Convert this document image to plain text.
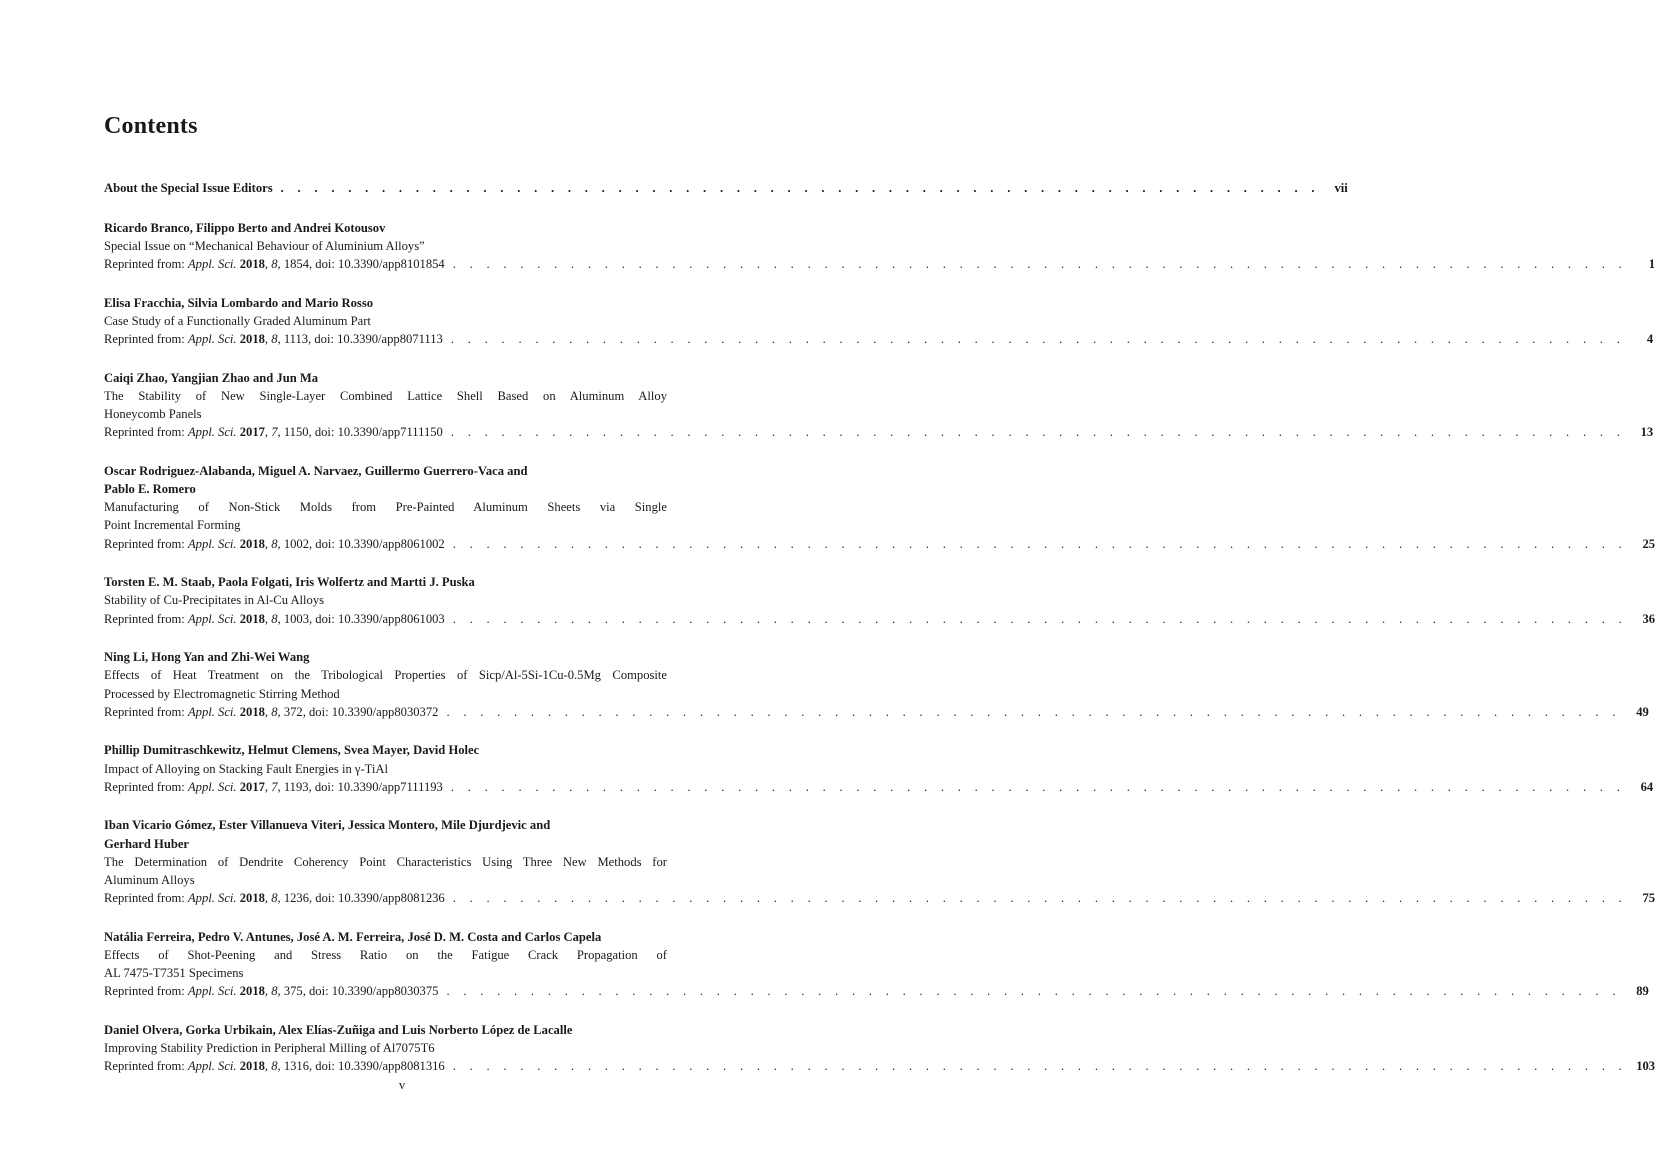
Contents
About the Special Issue Editors . . . . . . . . . . . . . . . . . . . . . . . . . . . . . . . . . . . . . . . . . . . . . . . . . . . . . . . . . . . . . .	vii
Ricardo Branco, Filippo Berto and Andrei Kotousov
Special Issue on “Mechanical Behaviour of Aluminium Alloys”
Reprinted from: Appl. Sci. 2018, 8, 1854, doi: 10.3390/app8101854 . . . . . . . . . . . . . . . . . . . . . . . . . . . . . . . . . . . . . . . . . . . . . . . . . . . . . . . . . . . . . . . . . . . . . .	1
Elisa Fracchia, Silvia Lombardo and Mario Rosso
Case Study of a Functionally Graded Aluminum Part
Reprinted from: Appl. Sci. 2018, 8, 1113, doi: 10.3390/app8071113 . . . . . . . . . . . . . . . . . . . . . . . . . . . . . . . . . . . . . . . . . . . . . . . . . . . . . . . . . . . . . . . . . . . . . .	4
Caiqi Zhao, Yangjian Zhao and Jun Ma
The Stability of New Single-Layer Combined Lattice Shell Based on Aluminum Alloy
Honeycomb Panels
Reprinted from: Appl. Sci. 2017, 7, 1150, doi: 10.3390/app7111150 . . . . . . . . . . . . . . . . . . . . . . . . . . . . . . . . . . . . . . . . . . . . . . . . . . . . . . . . . . . . . . . . . . . . . .	13
Oscar Rodriguez-Alabanda, Miguel A. Narvaez, Guillermo Guerrero-Vaca and
Pablo E. Romero
Manufacturing of Non-Stick Molds from Pre-Painted Aluminum Sheets via Single
Point Incremental Forming
Reprinted from: Appl. Sci. 2018, 8, 1002, doi: 10.3390/app8061002 . . . . . . . . . . . . . . . . . . . . . . . . . . . . . . . . . . . . . . . . . . . . . . . . . . . . . . . . . . . . . . . . . . . . . .	25
Torsten E. M. Staab, Paola Folgati, Iris Wolfertz and Martti J. Puska
Stability of Cu-Precipitates in Al-Cu Alloys
Reprinted from: Appl. Sci. 2018, 8, 1003, doi: 10.3390/app8061003 . . . . . . . . . . . . . . . . . . . . . . . . . . . . . . . . . . . . . . . . . . . . . . . . . . . . . . . . . . . . . . . . . . . . . .	36
Ning Li, Hong Yan and Zhi-Wei Wang
Effects of Heat Treatment on the Tribological Properties of Sicp/Al-5Si-1Cu-0.5Mg Composite
Processed by Electromagnetic Stirring Method
Reprinted from: Appl. Sci. 2018, 8, 372, doi: 10.3390/app8030372 . . . . . . . . . . . . . . . . . . . . . . . . . . . . . . . . . . . . . . . . . . . . . . . . . . . . . . . . . . . . . . . . . . . . . .	49
Phillip Dumitraschkewitz, Helmut Clemens, Svea Mayer, David Holec
Impact of Alloying on Stacking Fault Energies in γ-TiAl
Reprinted from: Appl. Sci. 2017, 7, 1193, doi: 10.3390/app7111193 . . . . . . . . . . . . . . . . . . . . . . . . . . . . . . . . . . . . . . . . . . . . . . . . . . . . . . . . . . . . . . . . . . . . . .	64
Iban Vicario Gómez, Ester Villanueva Viteri, Jessica Montero, Mile Djurdjevic and
Gerhard Huber
The Determination of Dendrite Coherency Point Characteristics Using Three New Methods for
Aluminum Alloys
Reprinted from: Appl. Sci. 2018, 8, 1236, doi: 10.3390/app8081236 . . . . . . . . . . . . . . . . . . . . . . . . . . . . . . . . . . . . . . . . . . . . . . . . . . . . . . . . . . . . . . . . . . . . . .	75
Natália Ferreira, Pedro V. Antunes, José A. M. Ferreira, José D. M. Costa and Carlos Capela
Effects of Shot-Peening and Stress Ratio on the Fatigue Crack Propagation of
AL 7475-T7351 Specimens
Reprinted from: Appl. Sci. 2018, 8, 375, doi: 10.3390/app8030375 . . . . . . . . . . . . . . . . . . . . . . . . . . . . . . . . . . . . . . . . . . . . . . . . . . . . . . . . . . . . . . . . . . . . . .	89
Daniel Olvera, Gorka Urbikain, Alex Elías-Zuñiga and Luis Norberto López de Lacalle
Improving Stability Prediction in Peripheral Milling of Al7075T6
Reprinted from: Appl. Sci. 2018, 8, 1316, doi: 10.3390/app8081316 . . . . . . . . . . . . . . . . . . . . . . . . . . . . . . . . . . . . . . . . . . . . . . . . . . . . . . . . . . . . . . . . . . . . . . 103
v
